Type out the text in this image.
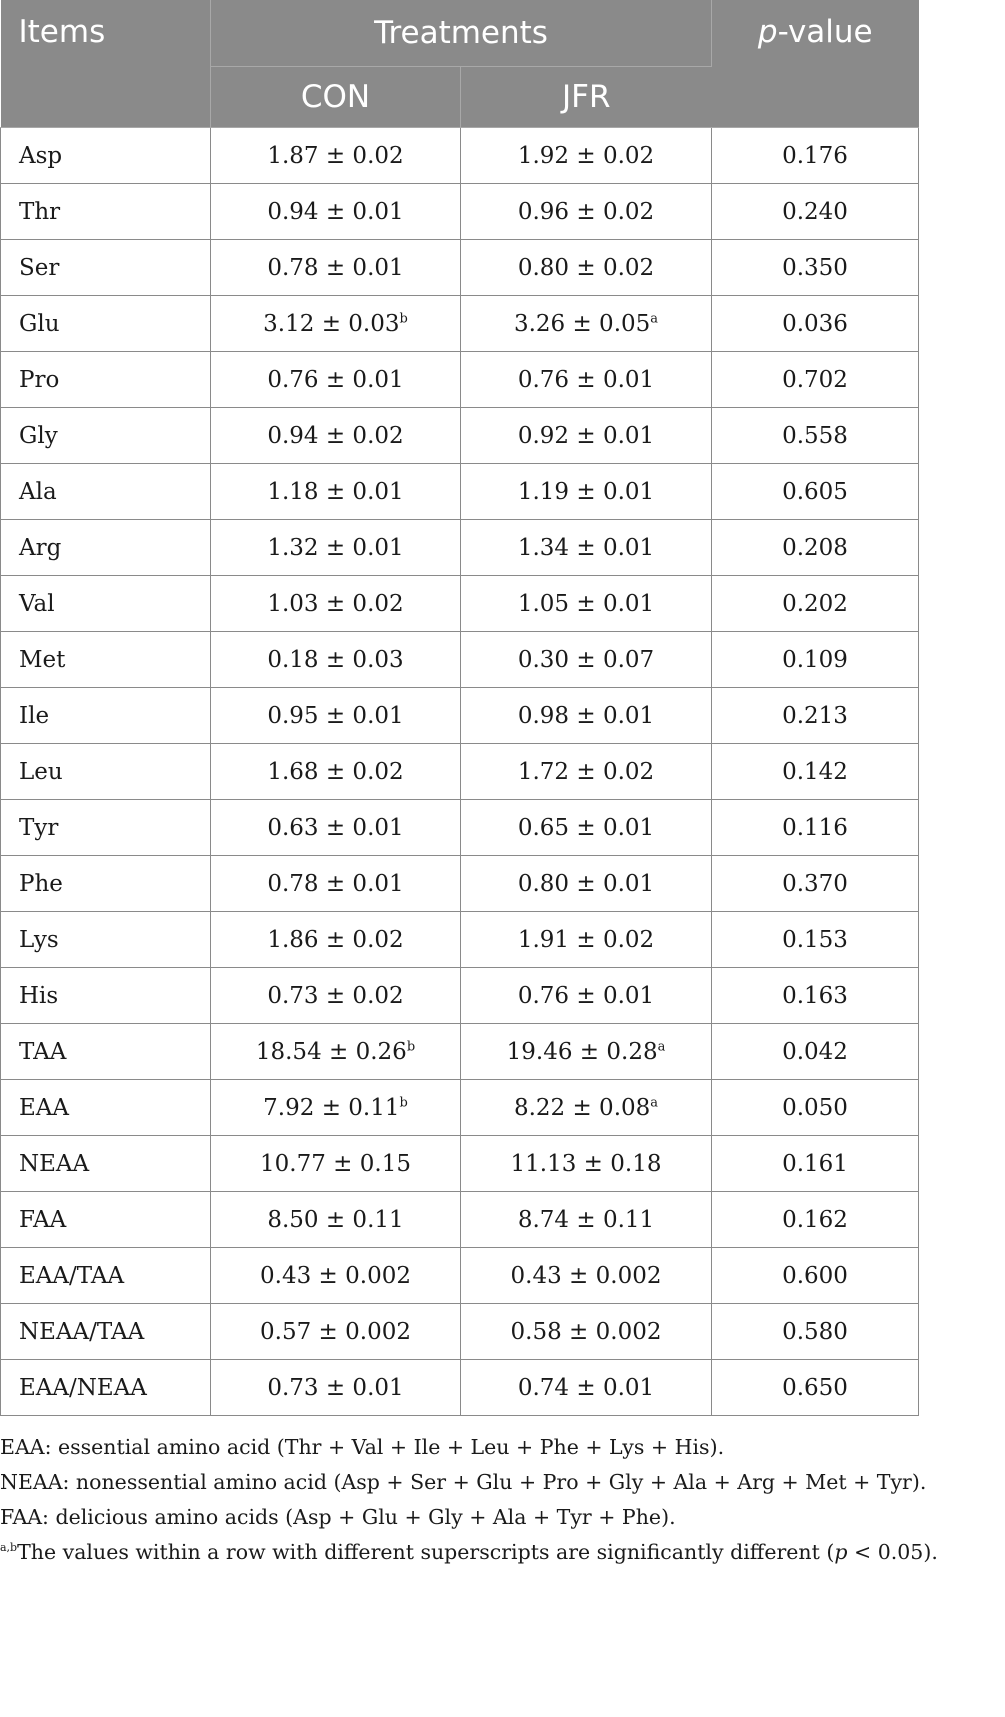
Items	Treatments		p-value
	CON	JFR	
Asp	1.87 ± 0.02	1.92 ± 0.02	0.176
Thr	0.94 ± 0.01	0.96 ± 0.02	0.240
Ser	0.78 ± 0.01	0.80 ± 0.02	0.350
Glu	3.12 ± 0.03$^b$	3.26 ± 0.05$^a$	0.036
Pro	0.76 ± 0.01	0.76 ± 0.01	0.702
Gly	0.94 ± 0.02	0.92 ± 0.01	0.558
Ala	1.18 ± 0.01	1.19 ± 0.01	0.605
Arg	1.32 ± 0.01	1.34 ± 0.01	0.208
Val	1.03 ± 0.02	1.05 ± 0.01	0.202
Met	0.18 ± 0.03	0.30 ± 0.07	0.109
Ile	0.95 ± 0.01	0.98 ± 0.01	0.213
Leu	1.68 ± 0.02	1.72 ± 0.02	0.142
Tyr	0.63 ± 0.01	0.65 ± 0.01	0.116
Phe	0.78 ± 0.01	0.80 ± 0.01	0.370
Lys	1.86 ± 0.02	1.91 ± 0.02	0.153
His	0.73 ± 0.02	0.76 ± 0.01	0.163
TAA	18.54 ± 0.26$^b$	19.46 ± 0.28$^a$	0.042
EAA	7.92 ± 0.11$^b$	8.22 ± 0.08$^a$	0.050
NEAA	10.77 ± 0.15	11.13 ± 0.18	0.161
FAA	8.50 ± 0.11	8.74 ± 0.11	0.162
EAA/TAA	0.43 ± 0.002	0.43 ± 0.002	0.600
NEAA/TAA	0.57 ± 0.002	0.58 ± 0.002	0.580
EAA/NEAA	0.73 ± 0.01	0.74 ± 0.01	0.650
EAA: essential amino acid (Thr + Val + Ile + Leu + Phe + Lys + His).
NEAA: nonessential amino acid (Asp + Ser + Glu + Pro + Gly + Ala + Arg + Met + Tyr).
FAA: delicious amino acids (Asp + Glu + Gly + Ala + Tyr + Phe).
$^{a,b}$The values within a row with different superscripts are significantly different (p < 0.05).
